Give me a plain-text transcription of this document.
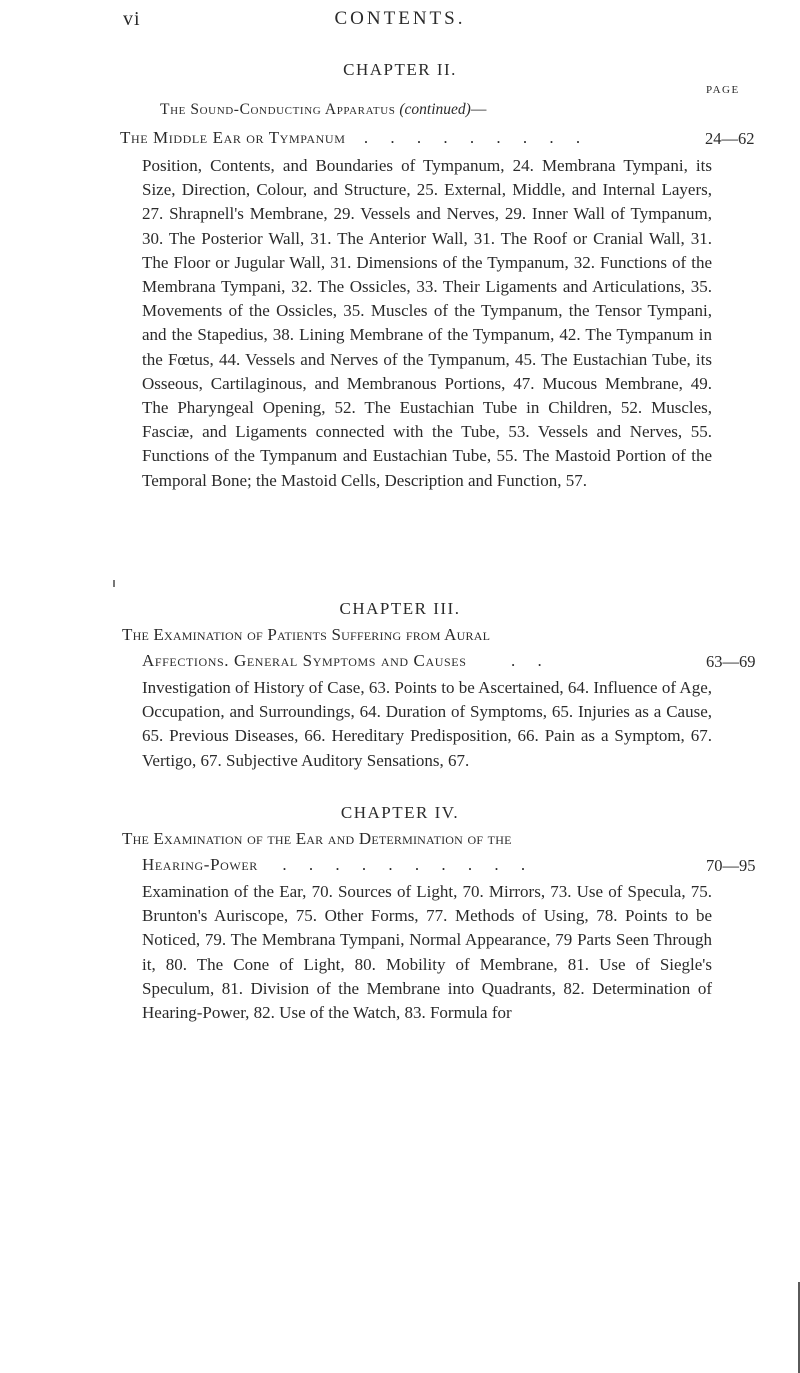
vi	CONTENTS.
CHAPTER II.
PAGE
The Sound-Conducting Apparatus (continued)—
The Middle Ear or Tympanum . . . . . . . . .	24—62
Position, Contents, and Boundaries of Tympanum, 24. Membrana Tympani, its Size, Direction, Colour, and Structure, 25. External, Middle, and Internal Layers, 27. Shrapnell's Membrane, 29. Vessels and Nerves, 29. Inner Wall of Tympanum, 30. The Posterior Wall, 31. The Anterior Wall, 31. The Roof or Cranial Wall, 31. The Floor or Jugular Wall, 31. Dimensions of the Tympanum, 32. Functions of the Membrana Tympani, 32. The Ossicles, 33. Their Ligaments and Articulations, 35. Movements of the Ossicles, 35. Muscles of the Tympanum, the Tensor Tympani, and the Stapedius, 38. Lining Membrane of the Tympanum, 42. The Tympanum in the Fœtus, 44. Vessels and Nerves of the Tympanum, 45. The Eustachian Tube, its Osseous, Cartilaginous, and Membranous Portions, 47. Mucous Membrane, 49. The Pharyngeal Opening, 52. The Eustachian Tube in Children, 52. Muscles, Fasciæ, and Ligaments connected with the Tube, 53. Vessels and Nerves, 55. Functions of the Tympanum and Eustachian Tube, 55. The Mastoid Portion of the Temporal Bone; the Mastoid Cells, Description and Function, 57.
CHAPTER III.
The Examination of Patients Suffering from Aural
Affections. General Symptoms and Causes	. .	63—69
Investigation of History of Case, 63. Points to be Ascertained, 64. Influence of Age, Occupation, and Surroundings, 64. Duration of Symptoms, 65. Injuries as a Cause, 65. Previous Diseases, 66. Hereditary Predisposition, 66. Pain as a Symptom, 67. Vertigo, 67. Subjective Auditory Sensations, 67.
CHAPTER IV.
The Examination of the Ear and Determination of the
Hearing-Power . . . . . . . . . .	70—95
Examination of the Ear, 70. Sources of Light, 70. Mirrors, 73. Use of Specula, 75. Brunton's Auriscope, 75. Other Forms, 77. Methods of Using, 78. Points to be Noticed, 79. The Membrana Tympani, Normal Appearance, 79 Parts Seen Through it, 80. The Cone of Light, 80. Mobility of Membrane, 81. Use of Siegle's Speculum, 81. Division of the Membrane into Quadrants, 82. Determination of Hearing-Power, 82. Use of the Watch, 83. Formula for
